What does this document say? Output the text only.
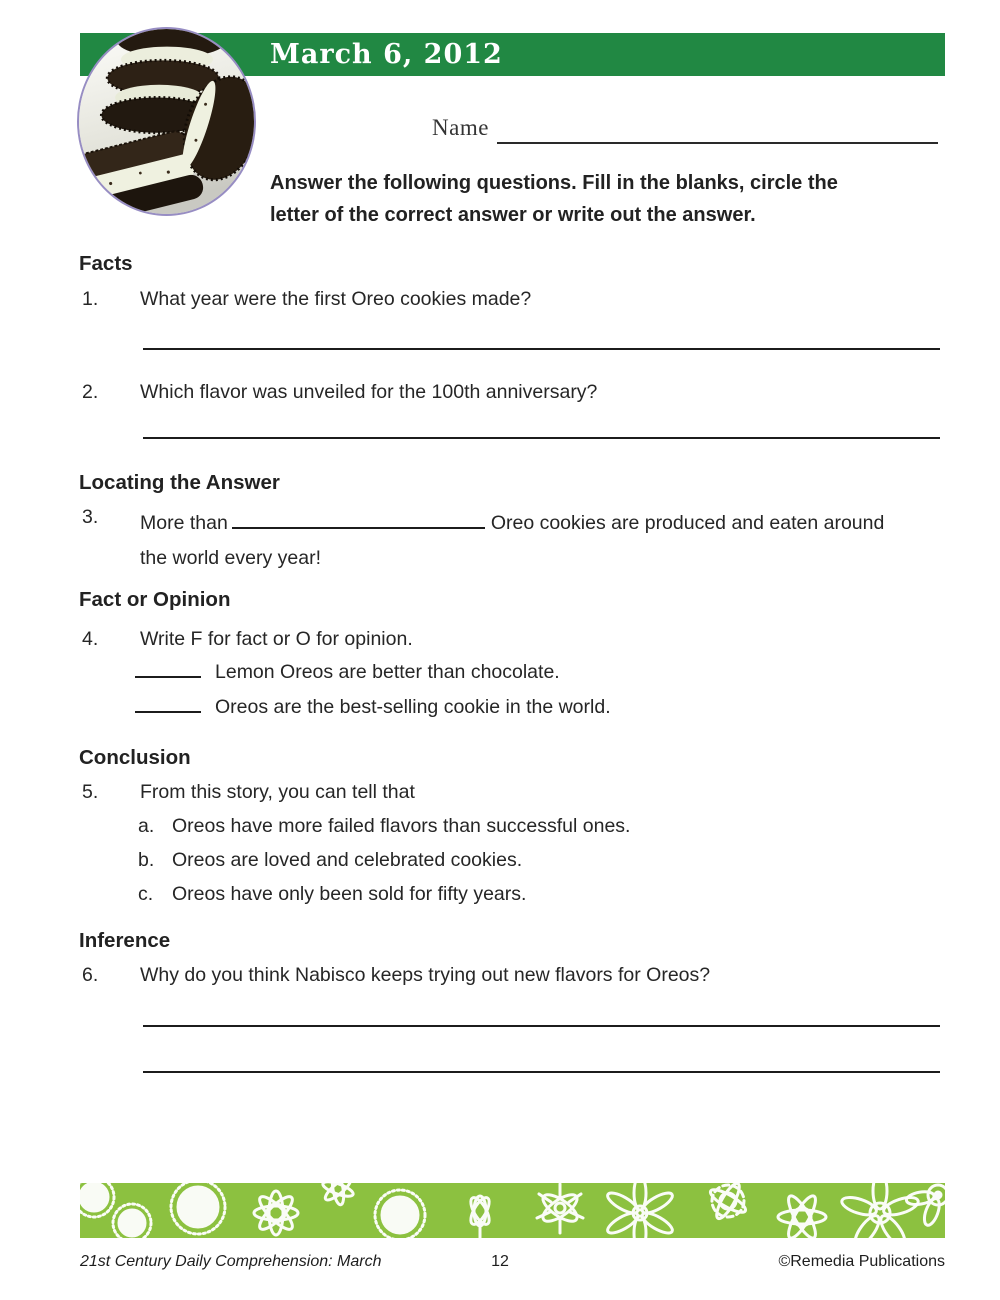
March 6, 2012
Name
Answer the following questions. Fill in the blanks, circle the
letter of the correct answer or write out the answer.
Facts
1. What year were the first Oreo cookies made?
2. Which flavor was unveiled for the 100th anniversary?
Locating the Answer
3. More than	Oreo cookies are produced and eaten around
the world every year!
Fact or Opinion
4. Write F for fact or O for opinion.
Lemon Oreos are better than chocolate.
Oreos are the best-selling cookie in the world.
Conclusion
5. From this story, you can tell that
a. Oreos have more failed flavors than successful ones.
b. Oreos are loved and celebrated cookies.
c. Oreos have only been sold for fifty years.
Inference
6. Why do you think Nabisco keeps trying out new flavors for Oreos?
21st Century Daily Comprehension: March	12	©Remedia Publications
